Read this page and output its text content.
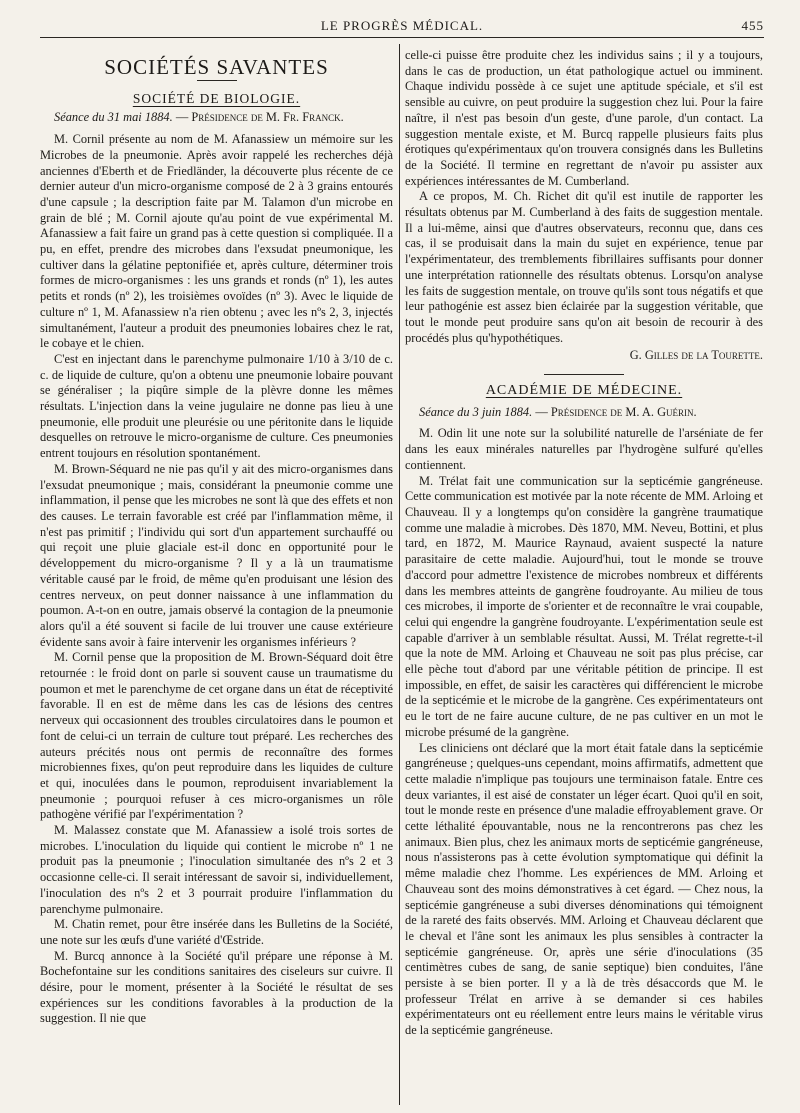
LE PROGRÈS MÉDICAL.	455
SOCIÉTÉS SAVANTES
SOCIÉTÉ DE BIOLOGIE.

Séance du 31 mai 1884. — Présidence de M. Fr. Franck.

M. Cornil présente au nom de M. Afanassiew un mémoire sur les Microbes de la pneumonie. Après avoir rappelé les recherches déjà anciennes d'Eberth et de Friedländer, la découverte plus récente de ce dernier auteur d'un micro-organisme composé de 2 à 3 grains entourés d'une capsule ; la description faite par M. Talamon d'un microbe en grain de blé ; M. Cornil ajoute qu'au point de vue expérimental M. Afanassiew a fait faire un grand pas à cette question si compliquée. Il a pu, en effet, prendre des microbes dans l'exsudat pneumonique, les cultiver dans la gélatine peptonifiée et, après culture, déterminer trois formes de micro-organismes : les uns grands et ronds (nº 1), les autes petits et ronds (nº 2), les troisièmes ovoïdes (nº 3). Avec le liquide de culture nº 1, M. Afanassiew n'a rien obtenu ; avec les nºs 2, 3, injectés simultanément, l'auteur a produit des pneumonies lobaires chez le rat, le cobaye et le chien.

C'est en injectant dans le parenchyme pulmonaire 1/10 à 3/10 de c. c. de liquide de culture, qu'on a obtenu une pneumonie lobaire pouvant se généraliser ; la piqûre simple de la plèvre donne les mêmes résultats. L'injection dans la veine jugulaire ne donne pas lieu à une pneumonie, elle produit une pleurésie ou une péritonite dans le liquide desquelles on retrouve le micro-organisme de culture. Ces pneumonies entrent toujours en résolution spontanément.

M. Brown-Séquard ne nie pas qu'il y ait des micro-organismes dans l'exsudat pneumonique ; mais, considérant la pneumonie comme une inflammation, il pense que les microbes ne sont là que des effets et non des causes. Le terrain favorable est créé par l'inflammation même, il n'est pas primitif ; l'individu qui sort d'un appartement surchauffé ou qui reçoit une pluie glaciale est-il donc en opportunité pour le développement du micro-organisme ? Il y a là un traumatisme véritable causé par le froid, de même qu'en produisant une lésion des centres nerveux, on peut donner naissance à une inflammation du poumon. A-t-on en outre, jamais observé la contagion de la pneumonie alors qu'il a été souvent si facile de lui trouver une cause extérieure évidente sans avoir à faire intervenir les organismes inférieurs ?

M. Cornil pense que la proposition de M. Brown-Séquard doit être retournée : le froid dont on parle si souvent cause un traumatisme du poumon et met le parenchyme de cet organe dans un état de réceptivité favorable. Il en est de même dans les cas de lésions des centres nerveux qui occasionnent des troubles circulatoires dans le poumon et font de celui-ci un terrain de culture tout préparé. Les recherches des auteurs précités nous ont permis de reconnaître des formes microbiennes fixes, qu'on peut reproduire dans les liquides de culture et qui, inoculées dans le poumon, reproduisent invariablement la pneumonie ; pourquoi refuser à ces micro-organismes un rôle pathogène vérifié par l'expérimentation ?

M. Malassez constate que M. Afanassiew a isolé trois sortes de microbes. L'inoculation du liquide qui contient le microbe nº 1 ne produit pas la pneumonie ; l'inoculation simultanée des nºs 2 et 3 occasionne celle-ci. Il serait intéressant de savoir si, individuellement, l'inoculation des nºs 2 et 3 pourrait produire l'inflammation du parenchyme pulmonaire.

M. Chatin remet, pour être insérée dans les Bulletins de la Société, une note sur les œufs d'une variété d'Œstride.

M. Burcq annonce à la Société qu'il prépare une réponse à M. Bochefontaine sur les conditions sanitaires des ciseleurs sur cuivre. Il désire, pour le moment, présenter à la Société le résultat de ses expériences sur les conditions favorables à la production de la suggestion. Il nie que

celle-ci puisse être produite chez les individus sains ; il y a toujours, dans le cas de production, un état pathologique actuel ou imminent. Chaque individu possède à ce sujet une aptitude spéciale, et s'il est sensible au cuivre, on peut produire la suggestion chez lui. Pour la faire naître, il n'est pas besoin d'un geste, d'une parole, d'un contact. La suggestion mentale existe, et M. Burcq rappelle plusieurs faits plus érotiques qu'expérimentaux qu'on trouvera consignés dans les Bulletins de la Société. Il termine en regrettant de n'avoir pu assister aux expériences intéressantes de M. Cumberland.

A ce propos, M. Ch. Richet dit qu'il est inutile de rapporter les résultats obtenus par M. Cumberland à des faits de suggestion mentale. Il a lui-même, ainsi que d'autres observateurs, reconnu que, dans ces cas, il se produisait dans la main du sujet en expérience, tenue par l'expérimentateur, des tremblements fibrillaires suffisants pour donner une interprétation rationnelle des résultats obtenus. Lorsqu'on analyse les faits de suggestion mentale, on trouve qu'ils sont tous négatifs et que leur pathogénie est assez bien éclairée par la suggestion véritable, que tout le monde peut produire sans qu'on ait besoin de recourir à des procédés plus qu'hypothétiques.

G. Gilles de la Tourette.
ACADÉMIE DE MÉDECINE.

Séance du 3 juin 1884. — Présidence de M. A. Guérin.

M. Odin lit une note sur la solubilité naturelle de l'arséniate de fer dans les eaux minérales naturelles par l'hydrogène sulfuré qu'elles contiennent.

M. Trélat fait une communication sur la septicémie gangréneuse. Cette communication est motivée par la note récente de MM. Arloing et Chauveau. Il y a longtemps qu'on considère la gangrène traumatique comme une maladie à microbes. Dès 1870, MM. Neveu, Bottini, et plus tard, en 1872, M. Maurice Raynaud, avaient suspecté la nature parasitaire de cette maladie. Aujourd'hui, tout le monde se trouve d'accord pour admettre l'existence de microbes nombreux et différents dans les membres atteints de gangrène foudroyante. Au milieu de tous ces microbes, il importe de s'orienter et de reconnaître le vrai coupable, celui qui engendre la gangrène foudroyante. L'expérimentation seule est capable d'arriver à un semblable résultat. Aussi, M. Trélat regrette-t-il que la note de MM. Arloing et Chauveau ne soit pas plus précise, car elle pèche tout d'abord par une véritable pétition de principe. Il est impossible, en effet, de saisir les caractères qui différencient le microbe de la septicémie et le microbe de la gangrène. Ces expérimentateurs ont eu le tort de ne faire aucune culture, de ne pas cultiver en un mot le microbe présumé de la gangrène.

Les cliniciens ont déclaré que la mort était fatale dans la septicémie gangréneuse ; quelques-uns cependant, moins affirmatifs, admettent que cette maladie n'implique pas toujours une terminaison fatale. Entre ces deux variantes, il est aisé de constater un léger écart. Quoi qu'il en soit, tout le monde reste en présence d'une maladie effroyablement grave. Or cette léthalité épouvantable, nous ne la rencontrerons pas chez les animaux. Bien plus, chez les animaux morts de septicémie gangréneuse, nous n'assisterons pas à cette évolution symptomatique qui définit la même maladie chez l'homme. Les expériences de MM. Arloing et Chauveau sont des moins démonstratives à cet égard. — Chez nous, la septicémie gangréneuse a subi diverses dénominations qui témoignent de la rareté des faits observés. MM. Arloing et Chauveau déclarent que le cheval et l'âne sont les animaux les plus sensibles à contracter la septicémie gangréneuse. Or, après une série d'inoculations (35 centimètres cubes de sang, de sanie septique) bien conduites, l'âne persiste à se bien porter. Il y a là de très désaccords que M. le professeur Trélat en arrive à se demander si ces habiles expérimentateurs ont eu réellement entre leurs mains le véritable virus de la septicémie gangréneuse.
